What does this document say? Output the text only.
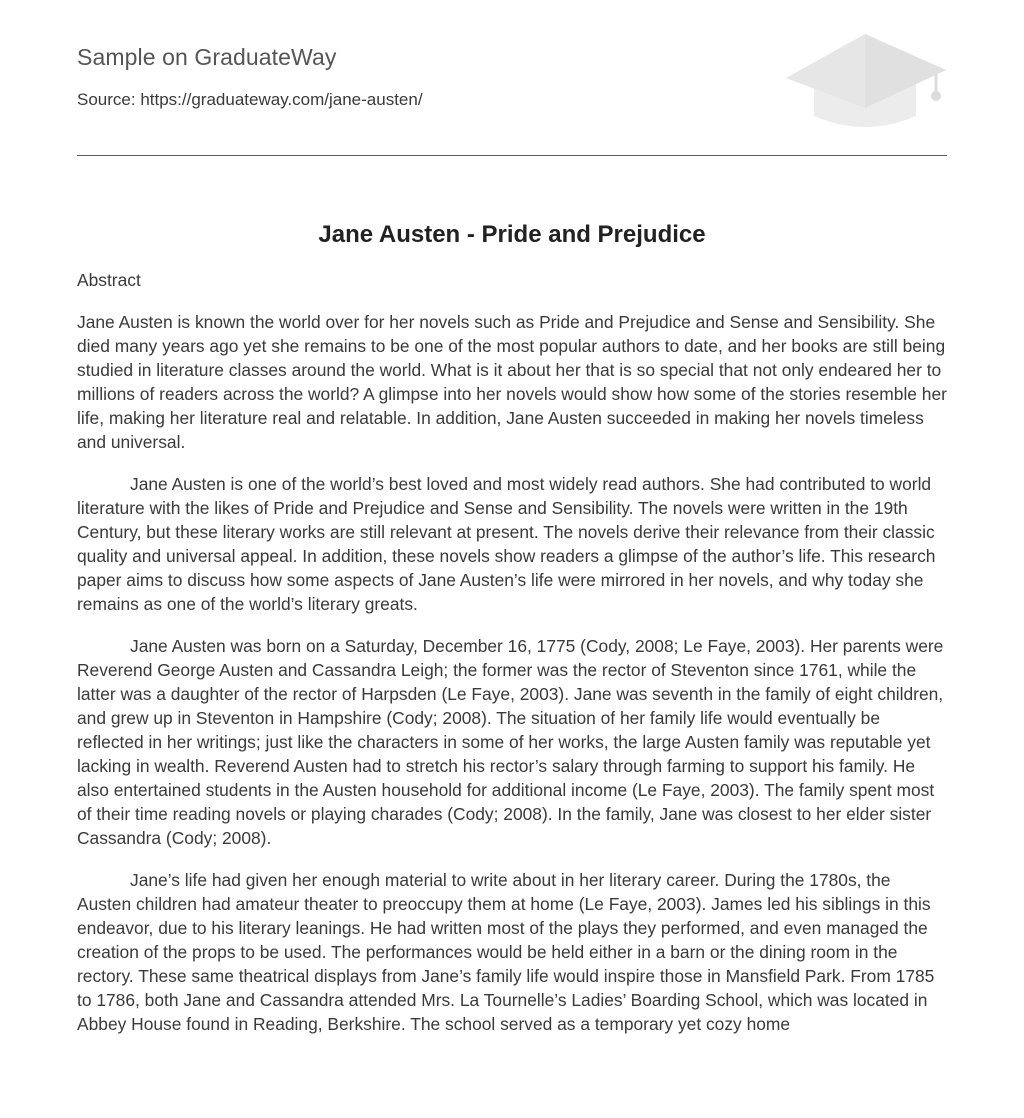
Sample on GraduateWay
Source: https://graduateway.com/jane-austen/
Jane Austen - Pride and Prejudice

Abstract

Jane Austen is known the world over for her novels such as Pride and Prejudice and Sense and Sensibility. She died many years ago yet she remains to be one of the most popular authors to date, and her books are still being studied in literature classes around the world. What is it about her that is so special that not only endeared her to millions of readers across the world? A glimpse into her novels would show how some of the stories resemble her life, making her literature real and relatable. In addition, Jane Austen succeeded in making her novels timeless and universal.

Jane Austen is one of the world’s best loved and most widely read authors. She had contributed to world literature with the likes of Pride and Prejudice and Sense and Sensibility. The novels were written in the 19th Century, but these literary works are still relevant at present. The novels derive their relevance from their classic quality and universal appeal. In addition, these novels show readers a glimpse of the author’s life. This research paper aims to discuss how some aspects of Jane Austen’s life were mirrored in her novels, and why today she remains as one of the world’s literary greats.

Jane Austen was born on a Saturday, December 16, 1775 (Cody, 2008; Le Faye, 2003). Her parents were Reverend George Austen and Cassandra Leigh; the former was the rector of Steventon since 1761, while the latter was a daughter of the rector of Harpsden (Le Faye, 2003). Jane was seventh in the family of eight children, and grew up in Steventon in Hampshire (Cody; 2008). The situation of her family life would eventually be reflected in her writings; just like the characters in some of her works, the large Austen family was reputable yet lacking in wealth. Reverend Austen had to stretch his rector’s salary through farming to support his family. He also entertained students in the Austen household for additional income (Le Faye, 2003). The family spent most of their time reading novels or playing charades (Cody; 2008). In the family, Jane was closest to her elder sister Cassandra (Cody; 2008).

Jane’s life had given her enough material to write about in her literary career. During the 1780s, the Austen children had amateur theater to preoccupy them at home (Le Faye, 2003). James led his siblings in this endeavor, due to his literary leanings. He had written most of the plays they performed, and even managed the creation of the props to be used. The performances would be held either in a barn or the dining room in the rectory. These same theatrical displays from Jane’s family life would inspire those in Mansfield Park. From 1785 to 1786, both Jane and Cassandra attended Mrs. La Tournelle’s Ladies’ Boarding School, which was located in Abbey House found in Reading, Berkshire. The school served as a temporary yet cozy home
